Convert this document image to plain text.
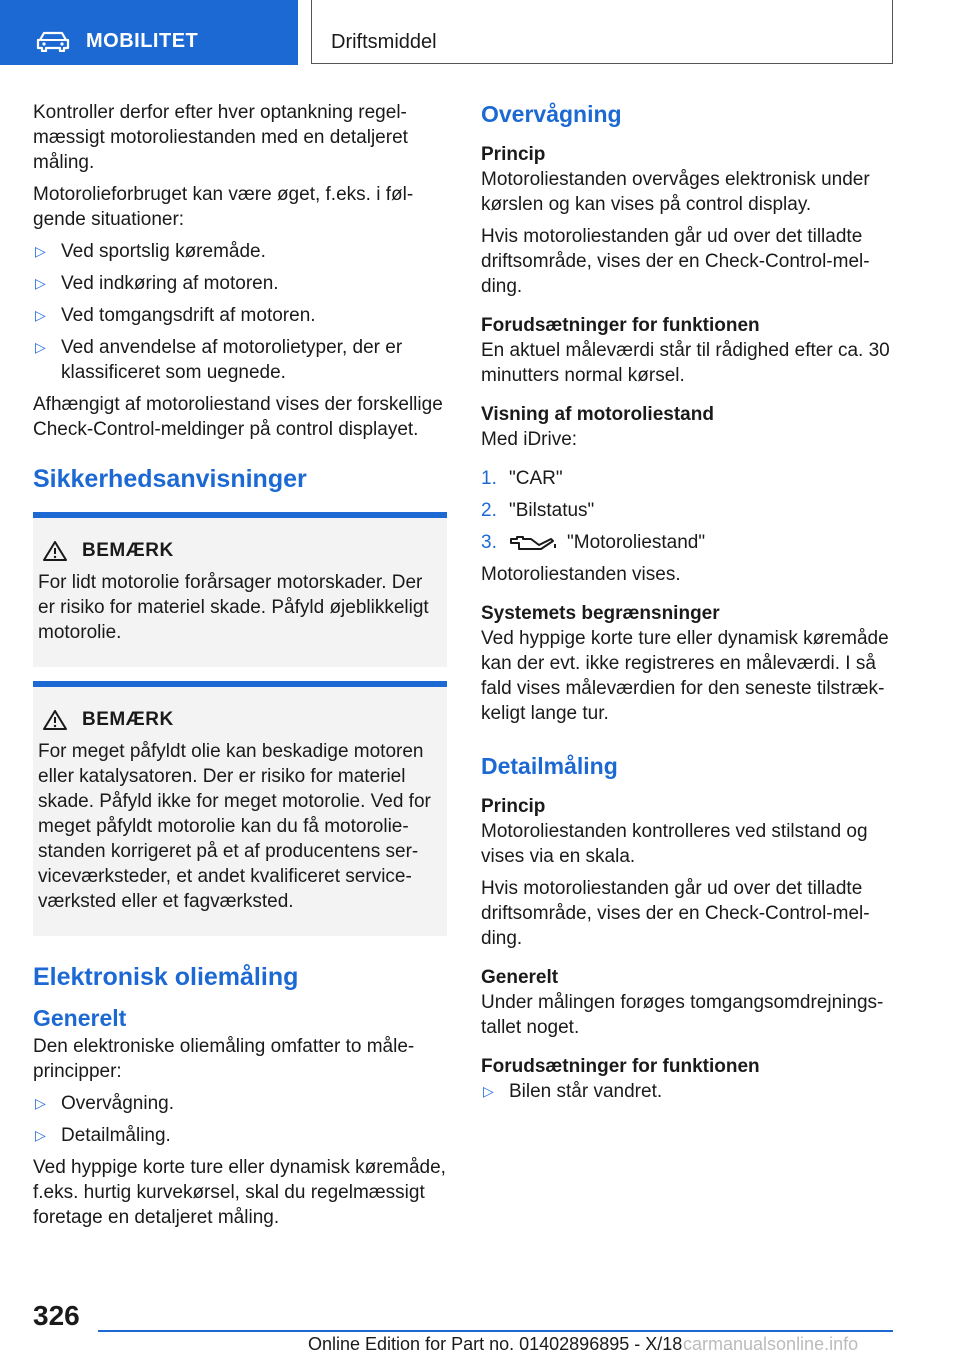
MOBILITET	Driftsmiddel

Kontroller derfor efter hver optankning regelmæssigt motoroliestanden med en detaljeret måling.

Motorolieforbruget kan være øget, f.eks. i følgende situationer:

▷ Ved sportslig køremåde.
▷ Ved indkøring af motoren.
▷ Ved tomgangsdrift af motoren.
▷ Ved anvendelse af motorolietyper, der er klassificeret som uegnede.

Afhængigt af motoroliestand vises der forskellige Check-Control-meldinger på control displayet.

Sikkerhedsanvisninger
BEMÆRK

For lidt motorolie forårsager motorskader. Der er risiko for materiel skade. Påfyld øjeblikkeligt motorolie.

BEMÆRK

For meget påfyldt olie kan beskadige motoren eller katalysatoren. Der er risiko for materiel skade. Påfyld ikke for meget motorolie. Ved for meget påfyldt motorolie kan du få motoroliestanden korrigeret på et af producentens serviceværksteder, et andet kvalificeret serviceværksted eller et fagværksted.

Elektronisk oliemåling
Generelt

Den elektroniske oliemåling omfatter to måleprincipper:

▷ Overvågning.
▷ Detailmåling.

Ved hyppige korte ture eller dynamisk køremåde, f.eks. hurtig kurvekørsel, skal du regelmæssigt foretage en detaljeret måling.

Overvågning
Princip

Motoroliestanden overvåges elektronisk under kørslen og kan vises på control display.

Hvis motoroliestanden går ud over det tilladte driftsområde, vises der en Check-Control-melding.

Forudsætninger for funktionen

En aktuel måleværdi står til rådighed efter ca. 30 minutters normal kørsel.

Visning af motoroliestand

Med iDrive:

1. "CAR"
2. "Bilstatus"
3.	"Motoroliestand"

Motoroliestanden vises.

Systemets begrænsninger

Ved hyppige korte ture eller dynamisk køremåde kan der evt. ikke registreres en måleværdi. I så fald vises måleværdien for den seneste tilstrækkeligt lange tur.

Detailmåling
Princip

Motoroliestanden kontrolleres ved stilstand og vises via en skala.

Hvis motoroliestanden går ud over det tilladte driftsområde, vises der en Check-Control-melding.

Generelt

Under målingen forøges tomgangsomdrejningstallet noget.

Forudsætninger for funktionen
▷ Bilen står vandret.
326
Online Edition for Part no. 01402896895 - X/18 carmanualsonline.info
